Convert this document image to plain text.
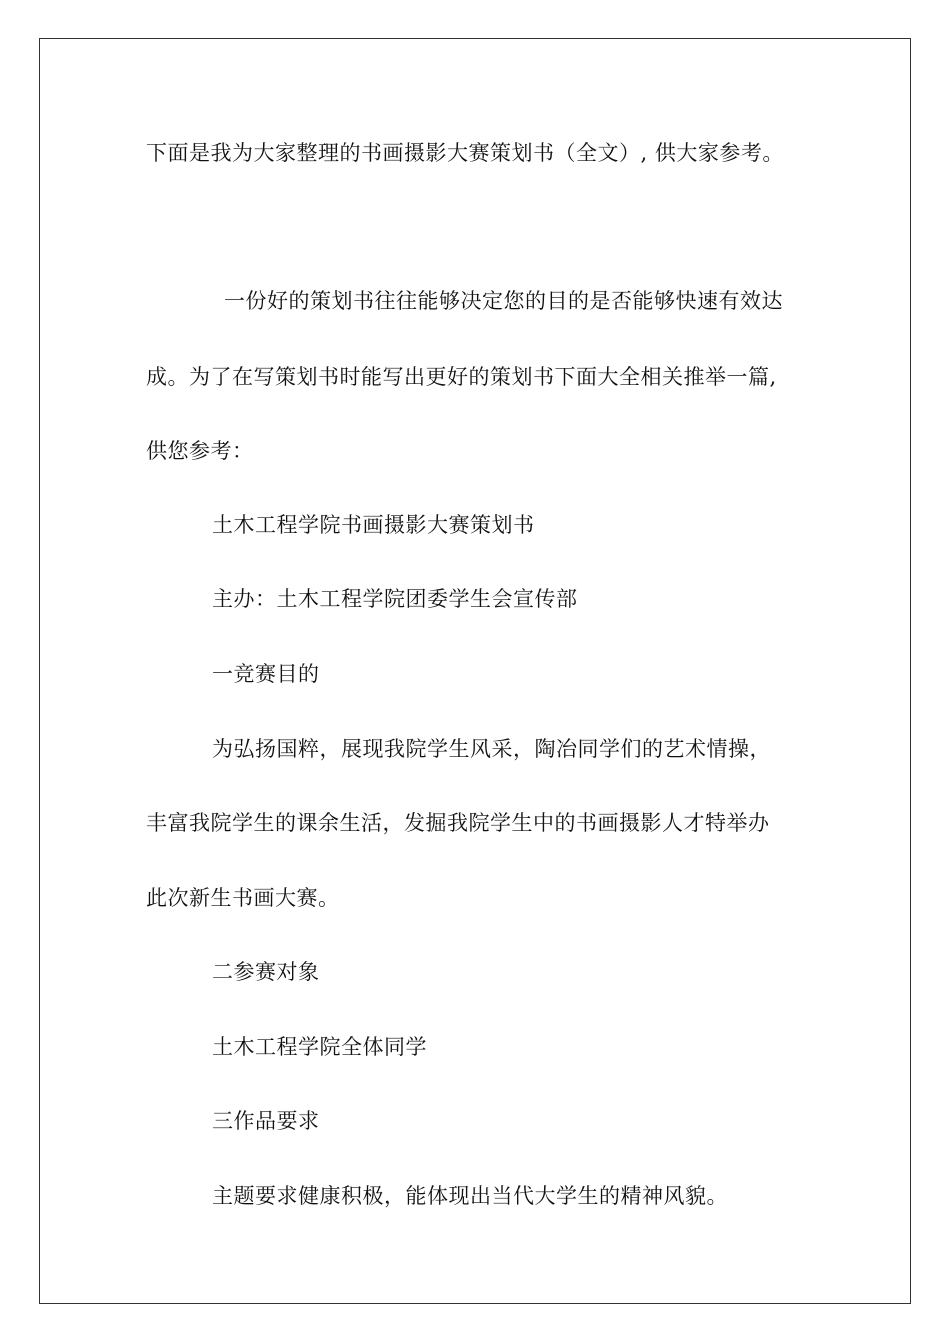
下面是我为大家整理的书画摄影大赛策划书（全文）, 供大家参考。

一份好的策划书往往能够决定您的目的是否能够快速有效达

成。为了在写策划书时能写出更好的策划书下面大全相关推举一篇,

供您参考：

土木工程学院书画摄影大赛策划书

主办：土木工程学院团委学生会宣传部

一竞赛目的

为弘扬国粹，展现我院学生风采，陶冶同学们的艺术情操，

丰富我院学生的课余生活，发掘我院学生中的书画摄影人才特举办

此次新生书画大赛。

二参赛对象

土木工程学院全体同学

三作品要求

主题要求健康积极，能体现出当代大学生的精神风貌。
